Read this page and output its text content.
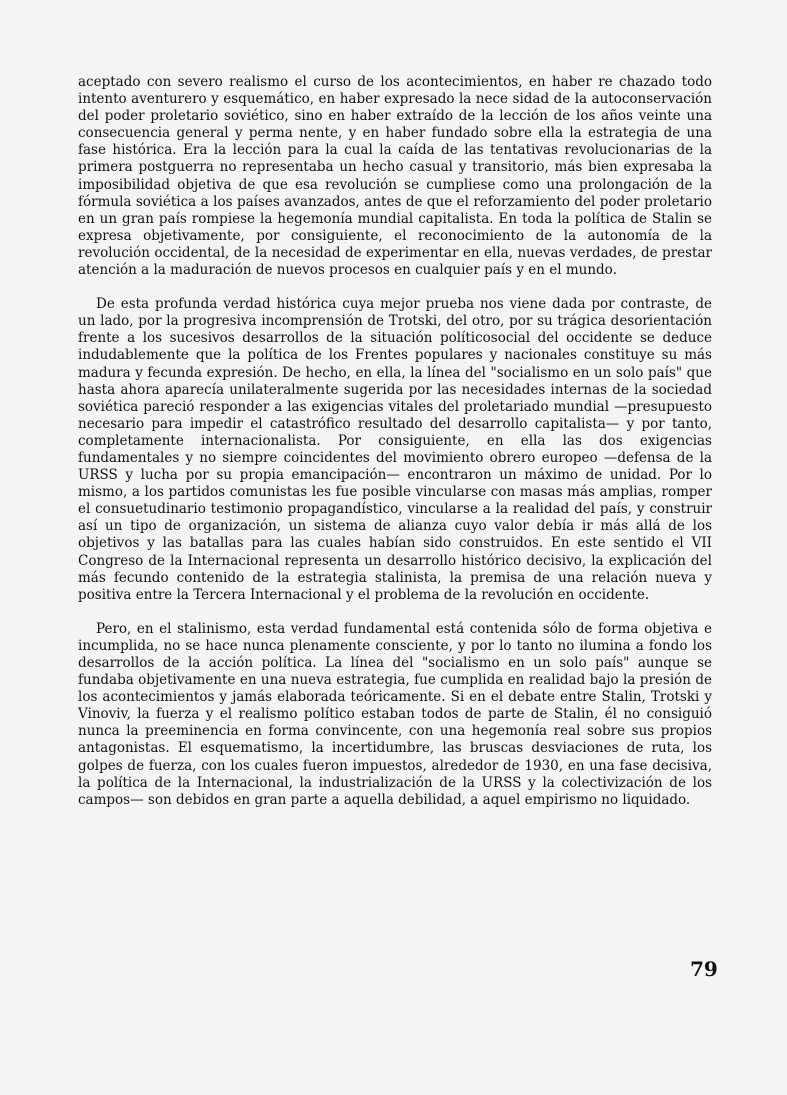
aceptado con severo realismo el curso de los acontecimientos, en haber re chazado todo intento aventurero y esquemático, en haber expresado la nece sidad de la autoconservación del poder proletario soviético, sino en haber extraído de la lección de los años veinte una consecuencia general y perma nente, y en haber fundado sobre ella la estrategia de una fase histórica. Era la lección para la cual la caída de las tentativas revolucionarias de la primera postguerra no representaba un hecho casual y transitorio, más bien expresaba la imposibilidad objetiva de que esa revolución se cumpliese como una prolongación de la fórmula soviética a los países avanzados, antes de que el reforzamiento del poder proletario en un gran país rompiese la hegemonía mundial capitalista. En toda la política de Stalin se expresa objetivamente, por consiguiente, el reconocimiento de la autonomía de la revolución occidental, de la necesidad de experimentar en ella, nuevas verdades, de prestar atención a la maduración de nuevos procesos en cualquier país y en el mundo.

De esta profunda verdad histórica cuya mejor prueba nos viene dada por contraste, de un lado, por la progresiva incomprensión de Trotski, del otro, por su trágica desorientación frente a los sucesivos desarrollos de la situación políticosocial del occidente se deduce indudablemente que la política de los Frentes populares y nacionales constituye su más madura y fecunda expresión. De hecho, en ella, la línea del "socialismo en un solo país" que hasta ahora aparecía unilateralmente sugerida por las necesidades internas de la sociedad soviética pareció responder a las exigencias vitales del proletariado mundial —presupuesto necesario para impedir el catastrófico resultado del desarrollo capitalista— y por tanto, completamente internacionalista. Por consiguiente, en ella las dos exigencias fundamentales y no siempre coincidentes del movimiento obrero europeo —defensa de la URSS y lucha por su propia emancipación— encontraron un máximo de unidad. Por lo mismo, a los partidos comunistas les fue posible vincularse con masas más amplias, romper el consuetudinario testimonio propagandístico, vincularse a la realidad del país, y construir así un tipo de organización, un sistema de alianza cuyo valor debía ir más allá de los objetivos y las batallas para las cuales habían sido construidos. En este sentido el VII Congreso de la Internacional representa un desarrollo histórico decisivo, la explicación del más fecundo contenido de la estrategia stalinista, la premisa de una relación nueva y positiva entre la Tercera Internacional y el problema de la revolución en occidente.

Pero, en el stalinismo, esta verdad fundamental está contenida sólo de forma objetiva e incumplida, no se hace nunca plenamente consciente, y por lo tanto no ilumina a fondo los desarrollos de la acción política. La línea del "socialismo en un solo país" aunque se fundaba objetivamente en una nueva estrategia, fue cumplida en realidad bajo la presión de los acontecimientos y jamás elaborada teóricamente. Si en el debate entre Stalin, Trotski y Vinoviv, la fuerza y el realismo político estaban todos de parte de Stalin, él no consiguió nunca la preeminencia en forma convincente, con una hegemonía real sobre sus propios antagonistas. El esquematismo, la incertidumbre, las bruscas desviaciones de ruta, los golpes de fuerza, con los cuales fueron impuestos, alrededor de 1930, en una fase decisiva, la política de la Internacional, la industrialización de la URSS y la colectivización de los campos— son debidos en gran parte a aquella debilidad, a aquel empirismo no liquidado.

79
